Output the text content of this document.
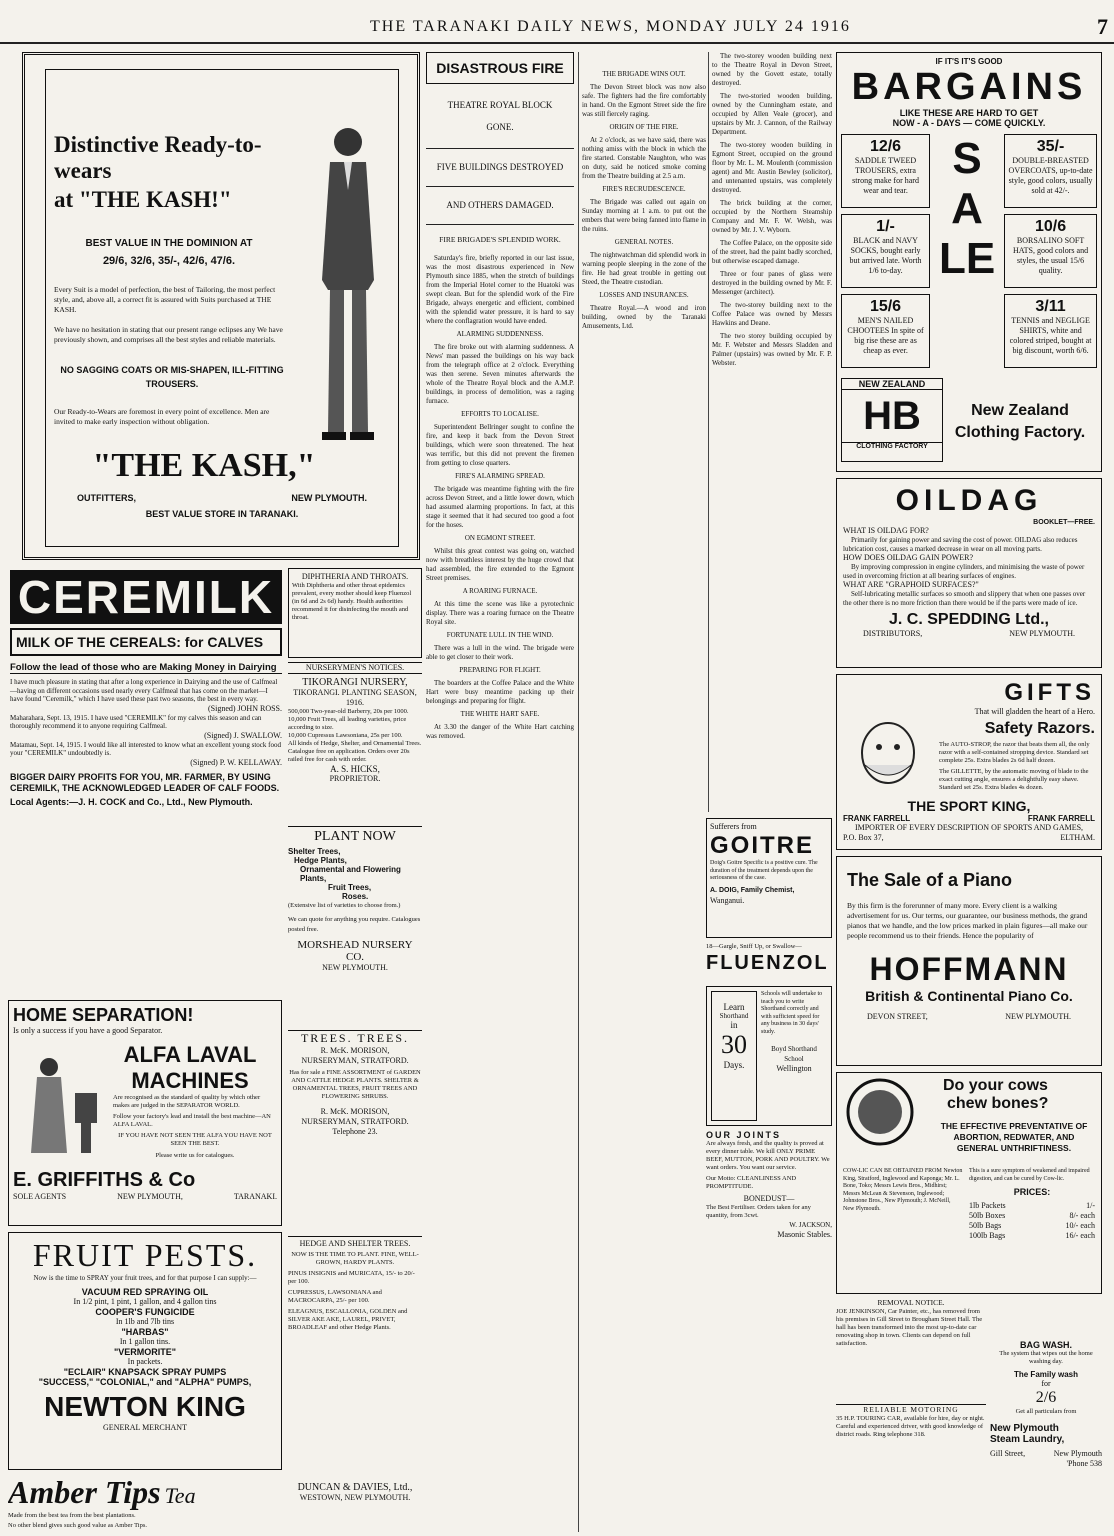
THE TARANAKI DAILY NEWS, MONDAY JULY 24 1916	7
Distinctive Ready-to-wears
at "THE KASH!"
BEST VALUE IN THE DOMINION AT
29/6, 32/6, 35/-, 42/6, 47/6.
Every Suit is a model of perfection, the best of Tailoring, the most perfect style, and, above all, a correct fit is assured with Suits purchased at THE KASH.
We have no hesitation in stating that our present range eclipses any We have previously shown, and comprises all the best styles and reliable materials.
NO SAGGING COATS OR MIS-SHAPEN, ILL-FITTING TROUSERS.
Our Ready-to-Wears are foremost in every point of excellence. Men are invited to make early inspection without obligation.
"THE KASH,"
OUTFITTERS,	NEW PLYMOUTH.
BEST VALUE STORE IN TARANAKI.
DISASTROUS FIRE
THEATRE ROYAL BLOCK GONE.
FIVE BUILDINGS DESTROYED
AND OTHERS DAMAGED.
FIRE BRIGADE'S SPLENDID WORK.

Saturday's fire, briefly reported in our last issue, was the most disastrous experienced in New Plymouth since 1885, when the stretch of buildings from the Imperial Hotel corner to the Huatoki was swept clean. But for the splendid work of the Fire Brigade, always energetic and efficient, combined with the splendid water pressure, it is hard to say where the conflagration would have ended.

ALARMING SUDDENNESS.

The fire broke out with alarming suddenness. A News' man passed the buildings on his way back from the telegraph office at 2 o'clock. Everything was then serene. Seven minutes afterwards the whole of the Theatre Royal block and the A.M.P. buildings, in process of demolition, was a raging furnace.

EFFORTS TO LOCALISE.

Superintendent Bellringer sought to confine the fire, and keep it back from the Devon Street buildings, which were soon threatened. The heat was terrific, but this did not prevent the firemen from getting to close quarters.

FIRE'S ALARMING SPREAD.

The brigade was meantime fighting with the fire across Devon Street, and a little lower down, which had assumed alarming proportions. In fact, at this stage it seemed that it had secured too good a foot for the hoses.

ON EGMONT STREET.

Whilst this great contest was going on, watched now with breathless interest by the huge crowd that had assembled, the fire extended to the Egmont Street premises.

A ROARING FURNACE.

At this time the scene was like a pyrotechnic display. There was a roaring furnace on the Theatre Royal site.

FORTUNATE LULL IN THE WIND.

There was a lull in the wind. The brigade were able to get closer to their work.

PREPARING FOR FLIGHT.

The boarders at the Coffee Palace and the White Hart were busy meantime packing up their belongings and preparing for flight.

THE WHITE HART SAFE.

At 3.30 the danger of the White Hart catching was removed.

THE BRIGADE WINS OUT.

The Devon Street block was now also safe. The fighters had the fire comfortably in hand. On the Egmont Street side the fire was still fiercely raging.

ORIGIN OF THE FIRE.

At 2 o'clock, as we have said, there was nothing amiss with the block in which the fire started. Constable Naughton, who was on duty, said he noticed smoke coming from the Theatre building at 2.5 a.m.

FIRE'S RECRUDESCENCE.

The Brigade was called out again on Sunday morning at 1 a.m. to put out the embers that were being fanned into flame in the ruins.

GENERAL NOTES.

The nightwatchman did splendid work in warning people sleeping in the zone of the fire. He had great trouble in getting out Steed, the Theatre custodian.

LOSSES AND INSURANCES.

Theatre Royal.—A wood and iron building, owned by the Taranaki Amusements, Ltd.

The two-storey wooden building next to the Theatre Royal in Devon Street, owned by the Govett estate, totally destroyed.

The two-storied wooden building, owned by the Cunningham estate, and occupied by Allen Veale (grocer), and upstairs by Mr. J. Cannon, of the Railway Department.

The two-storey wooden building in Egmont Street, occupied on the ground floor by Mr. L. M. Moulenth (commission agent) and Mr. Austin Bewley (solicitor), and untenanted upstairs, was completely destroyed.

The brick building at the corner, occupied by the Northern Steamship Company and Mr. F. W. Welsh, was owned by Mr. J. V. Wyborn.

The Coffee Palace, on the opposite side of the street, had the paint badly scorched, but otherwise escaped damage.

Three or four panes of glass were destroyed in the building owned by Mr. F. Messenger (architect).

The two-storey building next to the Coffee Palace was owned by Messrs Hawkins and Deane.

The two storey building occupied by Mr. F. Webster and Messrs Sladden and Palmer (upstairs) was owned by Mr. F. P. Webster.

IF IT'S IT'S GOOD
BARGAINS
LIKE THESE ARE HARD TO GET
NOW - A - DAYS — COME QUICKLY.
12/6
SADDLE TWEED TROUSERS, extra strong make for hard wear and tear.
1/-
BLACK and NAVY SOCKS, bought early but arrived late. Worth 1/6 to-day.
15/6
MEN'S NAILED CHOOTEES In spite of big rise these are as cheap as ever.
SALE
35/-
DOUBLE-BREASTED OVERCOATS, up-to-date style, good colors, usually sold at 42/-.
10/6
BORSALINO SOFT HATS, good colors and styles, the usual 15/6 quality.
3/11
TENNIS and NEGLIGE SHIRTS, white and colored striped, bought at big discount, worth 6/6.
NEW ZEALAND
HB
CLOTHING FACTORY
New Zealand
Clothing Factory.
OILDAG
BOOKLET—FREE.
WHAT IS OILDAG FOR?
Primarily for gaining power and saving the cost of power. OILDAG also reduces lubrication cost, causes a marked decrease in wear on all moving parts.
HOW DOES OILDAG GAIN POWER?
By improving compression in engine cylinders, and minimising the waste of power used in overcoming friction at all bearing surfaces of engines.
WHAT ARE "GRAPHOID SURFACES?"
Self-lubricating metallic surfaces so smooth and slippery that when one passes over the other there is no more friction than there would be if the parts were made of ice.
J. C. SPEDDING Ltd.,
DISTRIBUTORS,	NEW PLYMOUTH.
GIFTS
That will gladden the heart of a Hero.
Safety Razors.
The AUTO-STROP, the razor that beats them all, the only razor with a self-contained stropping device. Standard set complete 25s. Extra blades 2s 6d half dozen.
The GILLETTE, by the automatic moving of blade to the exact cutting angle, ensures a delightfully easy shave. Standard set 25s. Extra blades 4s dozen.
THE SPORT KING,
FRANK FARRELL	FRANK FARRELL
IMPORTER OF EVERY DESCRIPTION OF SPORTS AND GAMES,
P.O. Box 37,	ELTHAM.
The Sale of a Piano
By this firm is the forerunner of many more. Every client is a walking advertisement for us. Our terms, our guarantee, our business methods, the grand pianos that we handle, and the low prices marked in plain figures—all make our people recommend us to their friends. Hence the popularity of
HOFFMANN
British & Continental Piano Co.
DEVON STREET,	NEW PLYMOUTH.
CEREMILK
MILK OF THE CEREALS: for CALVES
Follow the lead of those who are Making Money in Dairying
I have much pleasure in stating that after a long experience in Dairying and the use of Calfmeal—having on different occasions used nearly every Calfmeal that has come on the market—I have found "Ceremilk," which I have used these past two seasons, the best in every way.
(Signed) JOHN ROSS.
Maharahara, Sept. 13, 1915. I have used "CEREMILK" for my calves this season and can thoroughly recommend it to anyone requiring Calfmeal.
(Signed) J. SWALLOW.
Matamau, Sept. 14, 1915. I would like all interested to know what an excellent young stock food your "CEREMILK" undoubtedly is.
(Signed) P. W. KELLAWAY.
BIGGER DAIRY PROFITS FOR YOU, MR. FARMER, BY USING CEREMILK, THE ACKNOWLEDGED LEADER OF CALF FOODS.
Local Agents:—J. H. COCK and Co., Ltd., New Plymouth.
DIPHTHERIA AND THROATS.
With Diphtheria and other throat epidemics prevalent, every mother should keep Fluenzol (in 6d and 2s 6d) handy. Health authorities recommend it for disinfecting the mouth and throat.
NURSERYMEN'S NOTICES.
TIKORANGI NURSERY,
TIKORANGI. PLANTING SEASON, 1916.
500,000 Two-year-old Barberry, 20s per 1000.
10,000 Fruit Trees, all leading varieties, price according to size.
10,000 Cupressus Lawsoniana, 25s per 100.
All kinds of Hedge, Shelter, and Ornamental Trees.
Catalogue free on application. Orders over 20s railed free for cash with order.
A. S. HICKS,
PROPRIETOR.
PLANT NOW
Shelter Trees,
Hedge Plants,
Ornamental and Flowering Plants,
Fruit Trees,
Roses.
(Extensive list of varieties to choose from.)
We can quote for anything you require. Catalogues posted free.
MORSHEAD NURSERY CO.
NEW PLYMOUTH.
TREES. TREES.
R. McK. MORISON,
NURSERYMAN, STRATFORD.
Has for sale a FINE ASSORTMENT of GARDEN AND CATTLE HEDGE PLANTS. SHELTER & ORNAMENTAL TREES, FRUIT TREES AND FLOWERING SHRUBS.
R. McK. MORISON,
NURSERYMAN, STRATFORD.
Telephone 23.
HEDGE AND SHELTER TREES.
NOW IS THE TIME TO PLANT. FINE, WELL-GROWN, HARDY PLANTS.
PINUS INSIGNIS and MURICATA, 15/- to 20/- per 100.
CUPRESSUS, LAWSONIANA and MACROCARPA, 25/- per 100.
ELEAGNUS, ESCALLONIA, GOLDEN and SILVER AKE AKE, LAUREL, PRIVET, BROADLEAF and other Hedge Plants.
DUNCAN & DAVIES, Ltd.,
WESTOWN, NEW PLYMOUTH.
HOME SEPARATION!
Is only a success if you have a good Separator.
ALFA LAVAL
MACHINES
Are recognised as the standard of quality by which other makes are judged in the SEPARATOR WORLD.
Follow your factory's lead and install the best machine—AN ALFA LAVAL.
IF YOU HAVE NOT SEEN THE ALFA YOU HAVE NOT SEEN THE BEST.
Please write us for catalogues.
E. GRIFFITHS & Co
SOLE AGENTS	NEW PLYMOUTH,	TARANAKI.
FRUIT PESTS.
Now is the time to SPRAY your fruit trees, and for that purpose I can supply:—
VACUUM RED SPRAYING OIL
In 1/2 pint, 1 pint, 1 gallon, and 4 gallon tins
COOPER'S FUNGICIDE
In 1lb and 7lb tins
"HARBAS"
In 1 gallon tins.
"VERMORITE"
In packets.
"ECLAIR" KNAPSACK SPRAY PUMPS
"SUCCESS," "COLONIAL," and "ALPHA" PUMPS,
NEWTON KING
GENERAL MERCHANT
Amber Tips Tea
Made from the best tea from the best plantations.
No other blend gives such good value as Amber Tips.
Sufferers from
GOITRE
Doig's Goitre Specific is a positive cure. The duration of the treatment depends upon the seriousness of the case.
A. DOIG, Family Chemist,
Wanganui.
18—Gargle, Sniff Up, or Swallow—
FLUENZOL
Learn
Shorthand
in
30
Days.
Schools will undertake to teach you to write Shorthand correctly and with sufficient speed for any business in 30 days' study.
Boyd Shorthand School
Wellington
OUR JOINTS
Are always fresh, and the quality is proved at every dinner table. We kill ONLY PRIME BEEF, MUTTON, PORK AND POULTRY. We want orders. You want our service.
Our Motto: CLEANLINESS AND PROMPTITUDE.
BONEDUST—
The Best Fertiliser. Orders taken for any quantity, from 3cwt.
W. JACKSON,
Masonic Stables.
Do your cows
chew bones?
THE EFFECTIVE PREVENTATIVE OF ABORTION, REDWATER, AND GENERAL UNTHRIFTINESS.
COW-LIC CAN BE OBTAINED FROM Newton King, Stratford, Inglewood and Kaponga; Mr. L. Bone, Toko; Messrs Lewis Bros., Midhirst; Messrs McLean & Stevenson, Inglewood; Johnstone Bros., New Plymouth; J. McNeill, New Plymouth.
This is a sure symptom of weakened and impaired digestion, and can be cured by Cow-lic.
PRICES:
1lb Packets	1/-
50lb Boxes	8/- each
50lb Bags	10/- each
100lb Bags	16/- each
REMOVAL NOTICE.
JOE JENKINSON, Car Painter, etc., has removed from his premises in Gill Street to Brougham Street Hall. The hall has been transformed into the most up-to-date car renovating shop in town. Clients can depend on full satisfaction.
RELIABLE MOTORING
35 H.P. TOURING CAR, available for hire, day or night. Careful and experienced driver, with good knowledge of district roads. Ring telephone 318.
BAG WASH.
The system that wipes out the home washing day.
The Family wash
for
2/6
Get all particulars from
New Plymouth
Steam Laundry,
Gill Street,	New Plymouth
'Phone 538
